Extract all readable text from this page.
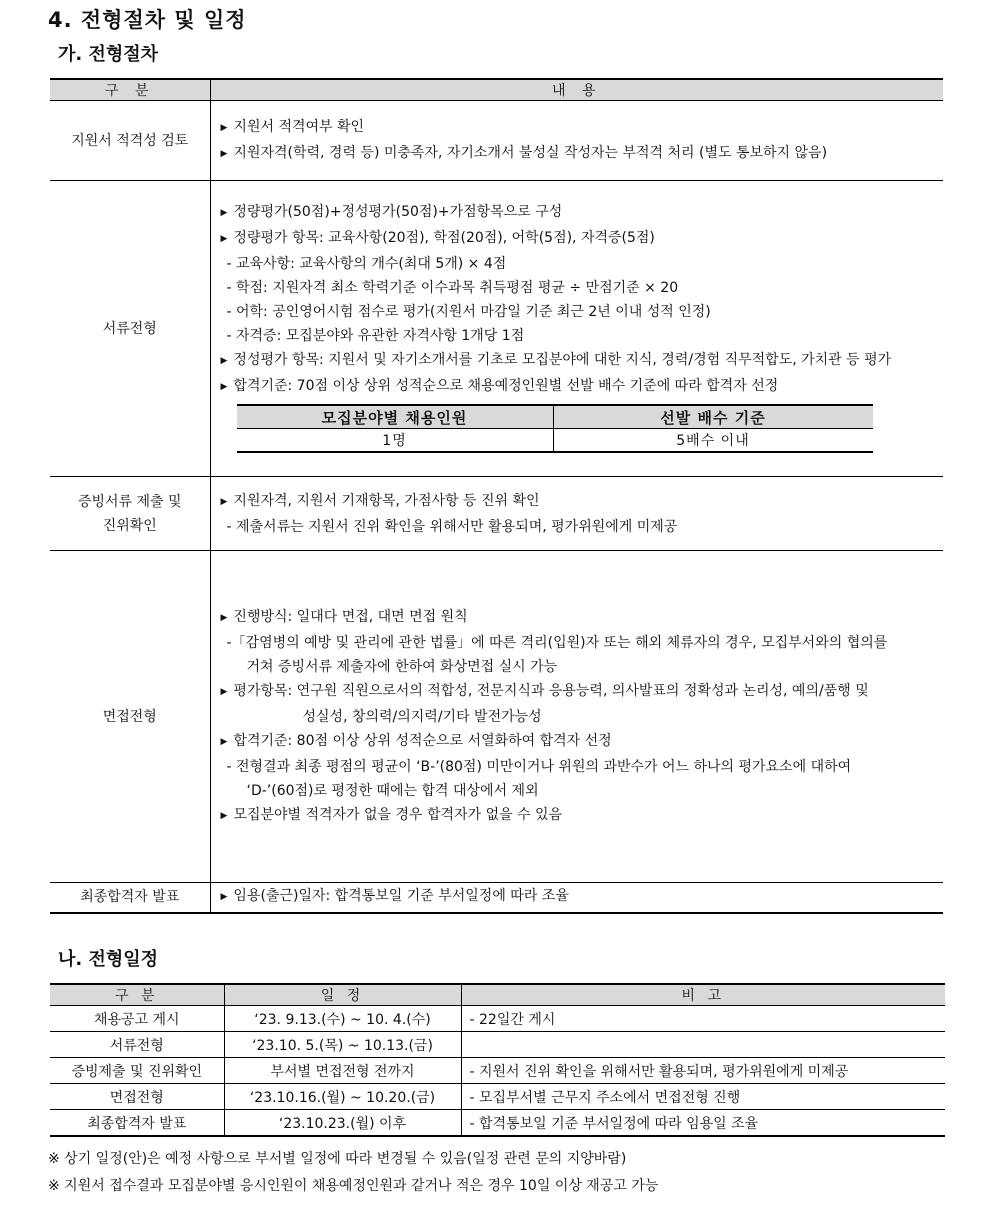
4. 전형절차 및 일정
가. 전형절차
구 분	내 용

지원서 적격성 검토

▶ 지원서 적격여부 확인
▶ 지원자격(학력, 경력 등) 미충족자, 자기소개서 불성실 작성자는 부적격 처리 (별도 통보하지 않음)

서류전형

▶ 정량평가(50점)+정성평가(50점)+가점항목으로 구성
▶ 정량평가 항목: 교육사항(20점), 학점(20점), 어학(5점), 자격증(5점)
- 교육사항: 교육사항의 개수(최대 5개) × 4점
- 학점: 지원자격 최소 학력기준 이수과목 취득평점 평균 ÷ 만점기준 × 20
- 어학: 공인영어시험 점수로 평가(지원서 마감일 기준 최근 2년 이내 성적 인정)
- 자격증: 모집분야와 유관한 자격사항 1개당 1점
▶ 정성평가 항목: 지원서 및 자기소개서를 기초로 모집분야에 대한 지식, 경력/경험 직무적합도, 가치관 등 평가
▶ 합격기준: 70점 이상 상위 성적순으로 채용예정인원별 선발 배수 기준에 따라 합격자 선정
모집분야별 채용인원	선발 배수 기준
1명	5배수 이내

증빙서류 제출 및
진위확인

▶ 지원자격, 지원서 기재항목, 가점사항 등 진위 확인
- 제출서류는 지원서 진위 확인을 위해서만 활용되며, 평가위원에게 미제공

면접전형

▶ 진행방식: 일대다 면접, 대면 면접 원칙
-「감염병의 예방 및 관리에 관한 법률」에 따른 격리(입원)자 또는 해외 체류자의 경우, 모집부서와의 협의를
거쳐 증빙서류 제출자에 한하여 화상면접 실시 가능
▶ 평가항목: 연구원 직원으로서의 적합성, 전문지식과 응용능력, 의사발표의 정확성과 논리성, 예의/품행 및
성실성, 창의력/의지력/기타 발전가능성
▶ 합격기준: 80점 이상 상위 성적순으로 서열화하여 합격자 선정
- 전형결과 최종 평점의 평균이 ‘B-’(80점) 미만이거나 위원의 과반수가 어느 하나의 평가요소에 대하여
‘D-’(60점)로 평정한 때에는 합격 대상에서 제외
▶ 모집분야별 적격자가 없을 경우 합격자가 없을 수 있음

최종합격자 발표	▶ 임용(출근)일자: 합격통보일 기준 부서일정에 따라 조율
나. 전형일정
구 분	일 정	비 고
채용공고 게시	‘23. 9.13.(수) ~ 10. 4.(수)	- 22일간 게시
서류전형	‘23.10. 5.(목) ~ 10.13.(금)	
증빙제출 및 진위확인	부서별 면접전형 전까지	- 지원서 진위 확인을 위해서만 활용되며, 평가위원에게 미제공
면접전형	‘23.10.16.(월) ~ 10.20.(금)	- 모집부서별 근무지 주소에서 면접전형 진행
최종합격자 발표	‘23.10.23.(월) 이후	- 합격통보일 기준 부서일정에 따라 임용일 조율
※ 상기 일정(안)은 예정 사항으로 부서별 일정에 따라 변경될 수 있음(일정 관련 문의 지양바람)
※ 지원서 접수결과 모집분야별 응시인원이 채용예정인원과 같거나 적은 경우 10일 이상 재공고 가능
